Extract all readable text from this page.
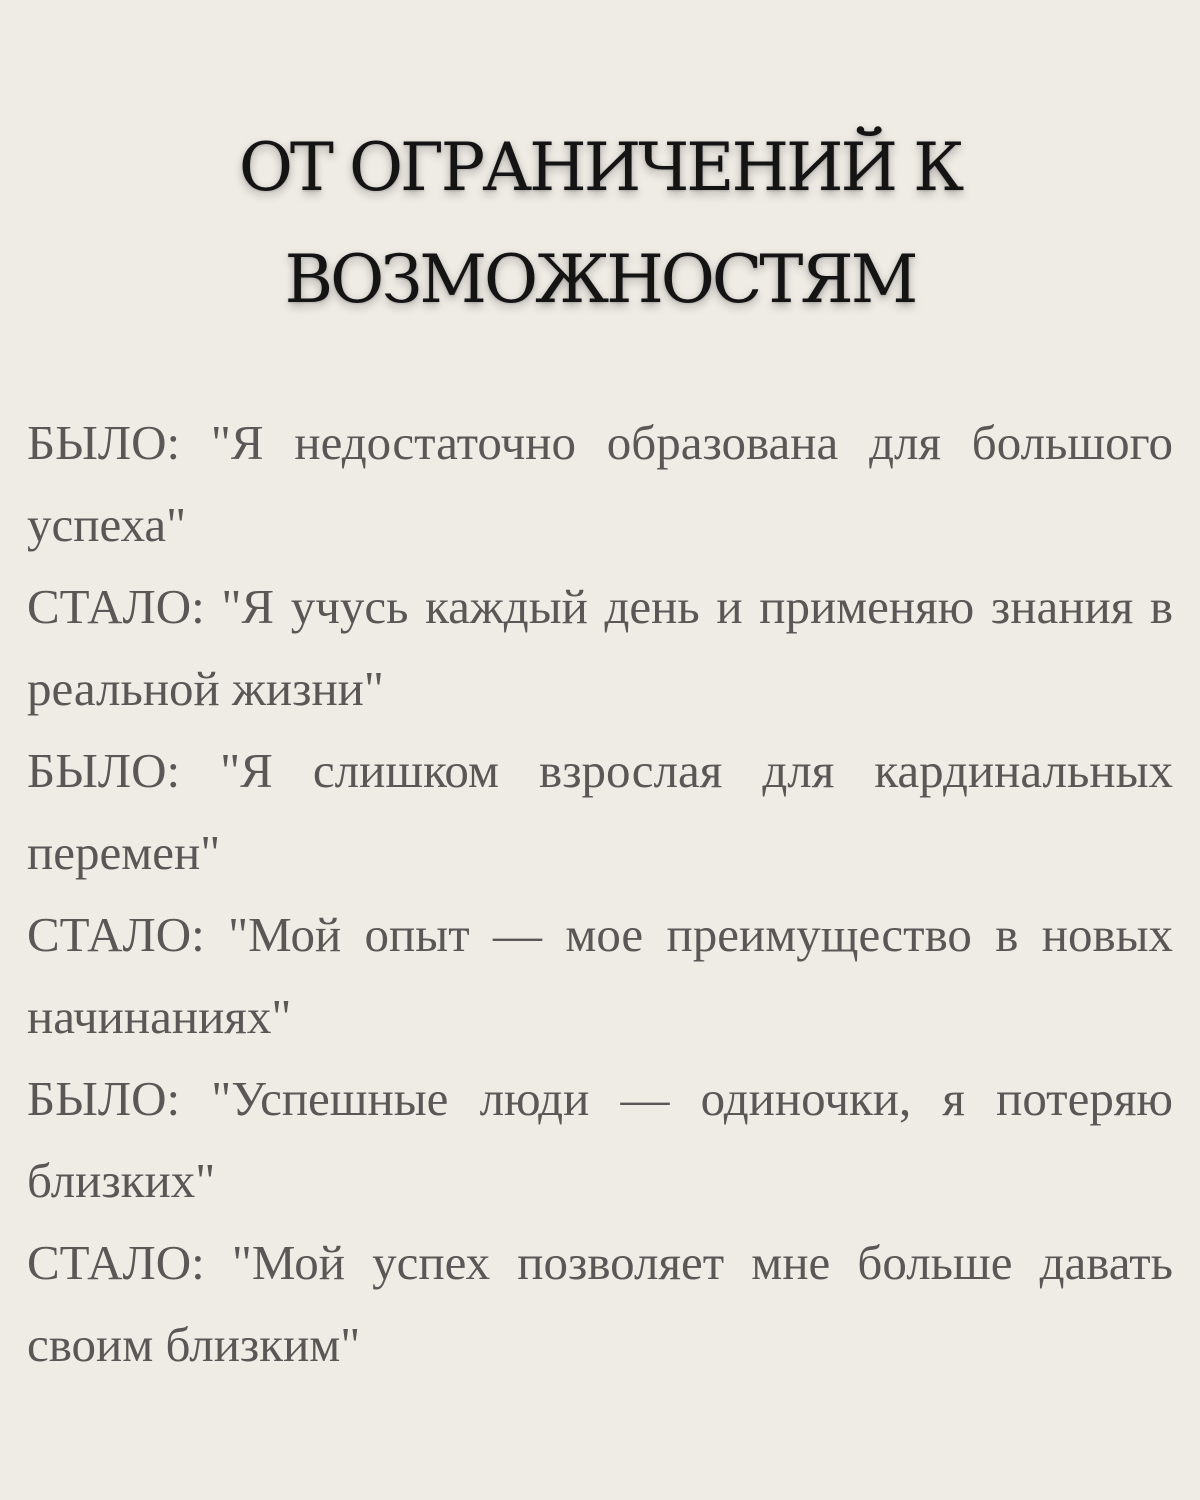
ОТ ОГРАНИЧЕНИЙ К
ВОЗМОЖНОСТЯМ
БЫЛО: "Я недостаточно образована для большого успеха"
СТАЛО: "Я учусь каждый день и применяю знания в реальной жизни"
БЫЛО: "Я слишком взрослая для кардинальных перемен"
СТАЛО: "Мой опыт — мое преимущество в новых начинаниях"
БЫЛО: "Успешные люди — одиночки, я потеряю близких"
СТАЛО: "Мой успех позволяет мне больше давать своим близким"
